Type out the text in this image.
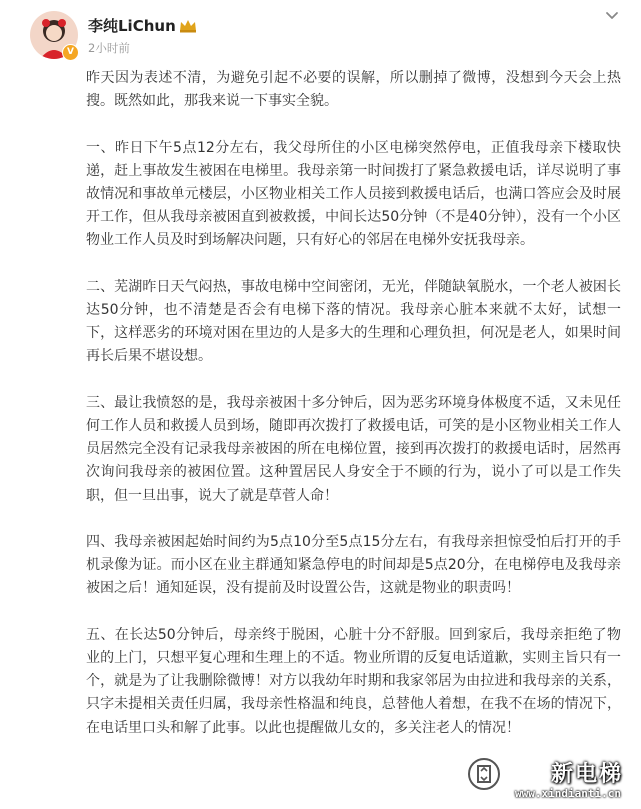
V
李纯LiChun
2小时前

昨天因为表述不清，为避免引起不必要的误解，所以删掉了微博，没想到今天会上热搜。既然如此，那我来说一下事实全貌。

一、昨日下午5点12分左右，我父母所住的小区电梯突然停电，正值我母亲下楼取快递，赶上事故发生被困在电梯里。我母亲第一时间拨打了紧急救援电话，详尽说明了事故情况和事故单元楼层，小区物业相关工作人员接到救援电话后，也满口答应会及时展开工作，但从我母亲被困直到被救援，中间长达50分钟（不是40分钟），没有一个小区物业工作人员及时到场解决问题，只有好心的邻居在电梯外安抚我母亲。

二、芜湖昨日天气闷热，事故电梯中空间密闭，无光，伴随缺氧脱水，一个老人被困长达50分钟，也不清楚是否会有电梯下落的情况。我母亲心脏本来就不太好，试想一下，这样恶劣的环境对困在里边的人是多大的生理和心理负担，何况是老人，如果时间再长后果不堪设想。

三、最让我愤怒的是，我母亲被困十多分钟后，因为恶劣环境身体极度不适，又未见任何工作人员和救援人员到场，随即再次拨打了救援电话，可笑的是小区物业相关工作人员居然完全没有记录我母亲被困的所在电梯位置，接到再次拨打的救援电话时，居然再次询问我母亲的被困位置。这种置居民人身安全于不顾的行为，说小了可以是工作失职，但一旦出事，说大了就是草菅人命！

四、我母亲被困起始时间约为5点10分至5点15分左右，有我母亲担惊受怕后打开的手机录像为证。而小区在业主群通知紧急停电的时间却是5点20分，在电梯停电及我母亲被困之后！通知延误，没有提前及时设置公告，这就是物业的职责吗！

五、在长达50分钟后，母亲终于脱困，心脏十分不舒服。回到家后，我母亲拒绝了物业的上门，只想平复心理和生理上的不适。物业所谓的反复电话道歉，实则主旨只有一个，就是为了让我删除微博！对方以我幼年时期和我家邻居为由拉进和我母亲的关系，只字未提相关责任归属，我母亲性格温和纯良，总替他人着想，在我不在场的情况下，在电话里口头和解了此事。以此也提醒做儿女的，多关注老人的情况！

新电梯
www.xindianti.cn
